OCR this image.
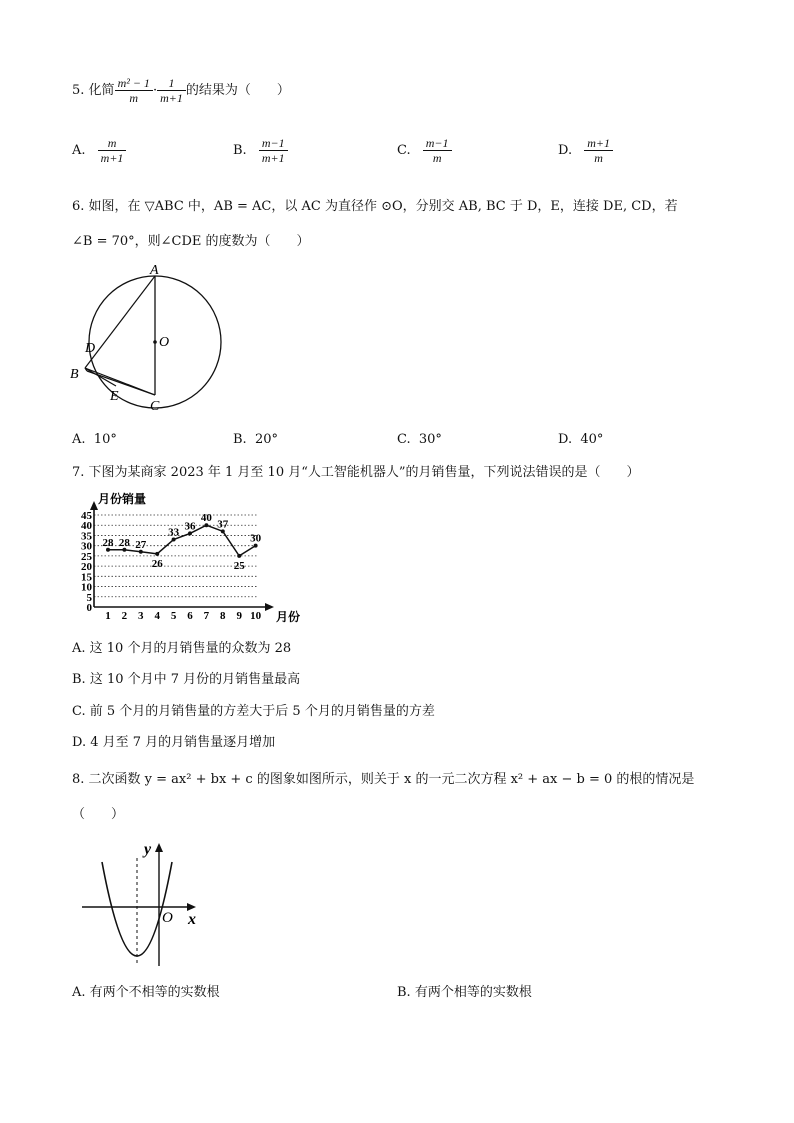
5. 化简 $\frac{\text{m² − 1}}{m} \cdot \frac{1}{m+1}$ 的结果为（　　）
A. $\frac{m}{m+1}$	B. $\frac{m-1}{m+1}$	C. $\frac{m-1}{m}$	D. $\frac{m+1}{m}$
6. 如图，在 ▽ABC 中，AB = AC，以 AC 为直径作 ⊙O，分别交 AB, BC 于 D，E，连接 DE, CD，若
∠B = 70°，则∠CDE 的度数为（　　）
A
O
D
B
E
C
A. 10°	B. 20°	C. 30°	D. 40°
7. 下图为某商家 2023 年 1 月至 10 月“人工智能机器人”的月销售量，下列说法错误的是（　　）
月份销量
0
5
10
15
20
25
30
35
40
45
1 2 3 4 5 6 7 8 9 10
28 28 27
26
33
36
40
37
25
30
月份
A. 这 10 个月的月销售量的众数为 28
B. 这 10 个月中 7 月份的月销售量最高
C. 前 5 个月的月销售量的方差大于后 5 个月的月销售量的方差
D. 4 月至 7 月的月销售量逐月增加
8. 二次函数 y = ax² + bx + c 的图象如图所示，则关于 x 的一元二次方程 x² + ax − b = 0 的根的情况是
（　　）
y
O x
A. 有两个不相等的实数根	B. 有两个相等的实数根
